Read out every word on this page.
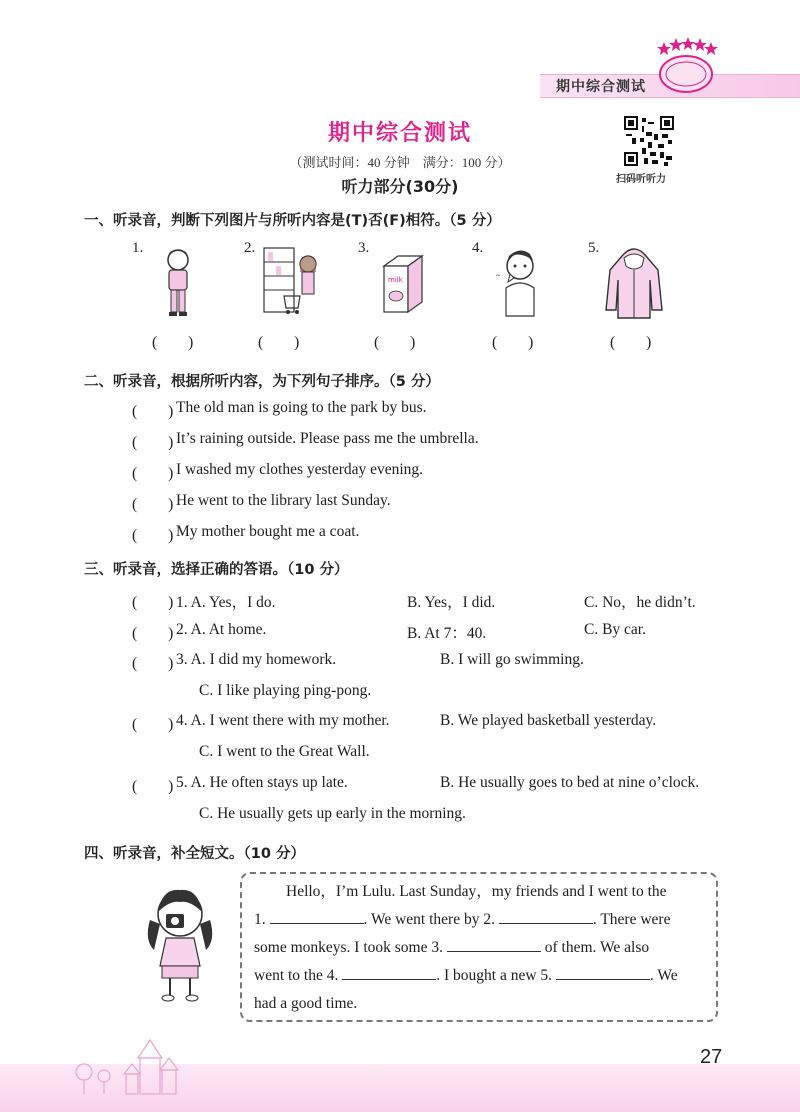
期中综合测试
期中综合测试
（测试时间：40 分钟　满分：100 分）
听力部分(30分)	扫码听听力
一、听录音，判断下列图片与所听内容是(T)否(F)相符。（5 分）
1.	2.	3.
milk
4.
~
5.
(　　)	(　　)	(　　)	(　　)	(　　)
二、听录音，根据所听内容，为下列句子排序。（5 分）
(　　) The old man is going to the park by bus.
(　　) It’s raining outside. Please pass me the umbrella.
(　　) I washed my clothes yesterday evening.
(　　) He went to the library last Sunday.
(　　) My mother bought me a coat.
三、听录音，选择正确的答语。（10 分）
(　　) 1. A. Yes，I do.	B. Yes，I did.	C. No，he didn’t.
(　　) 2. A. At home.	B. At 7：40.	C. By car.
(　　) 3. A. I did my homework.	B. I will go swimming.
C. I like playing ping-pong.
(　　) 4. A. I went there with my mother.	B. We played basketball yesterday.
C. I went to the Great Wall.
(　　) 5. A. He often stays up late.	B. He usually goes to bed at nine o’clock.
C. He usually gets up early in the morning.
四、听录音，补全短文。（10 分）
Hello，I’m Lulu. Last Sunday，my friends and I went to the
1.	. We went there by 2.	. There were
some monkeys. I took some 3.	of them. We also
went to the 4.	. I bought a new 5.	. We
had a good time.
27
